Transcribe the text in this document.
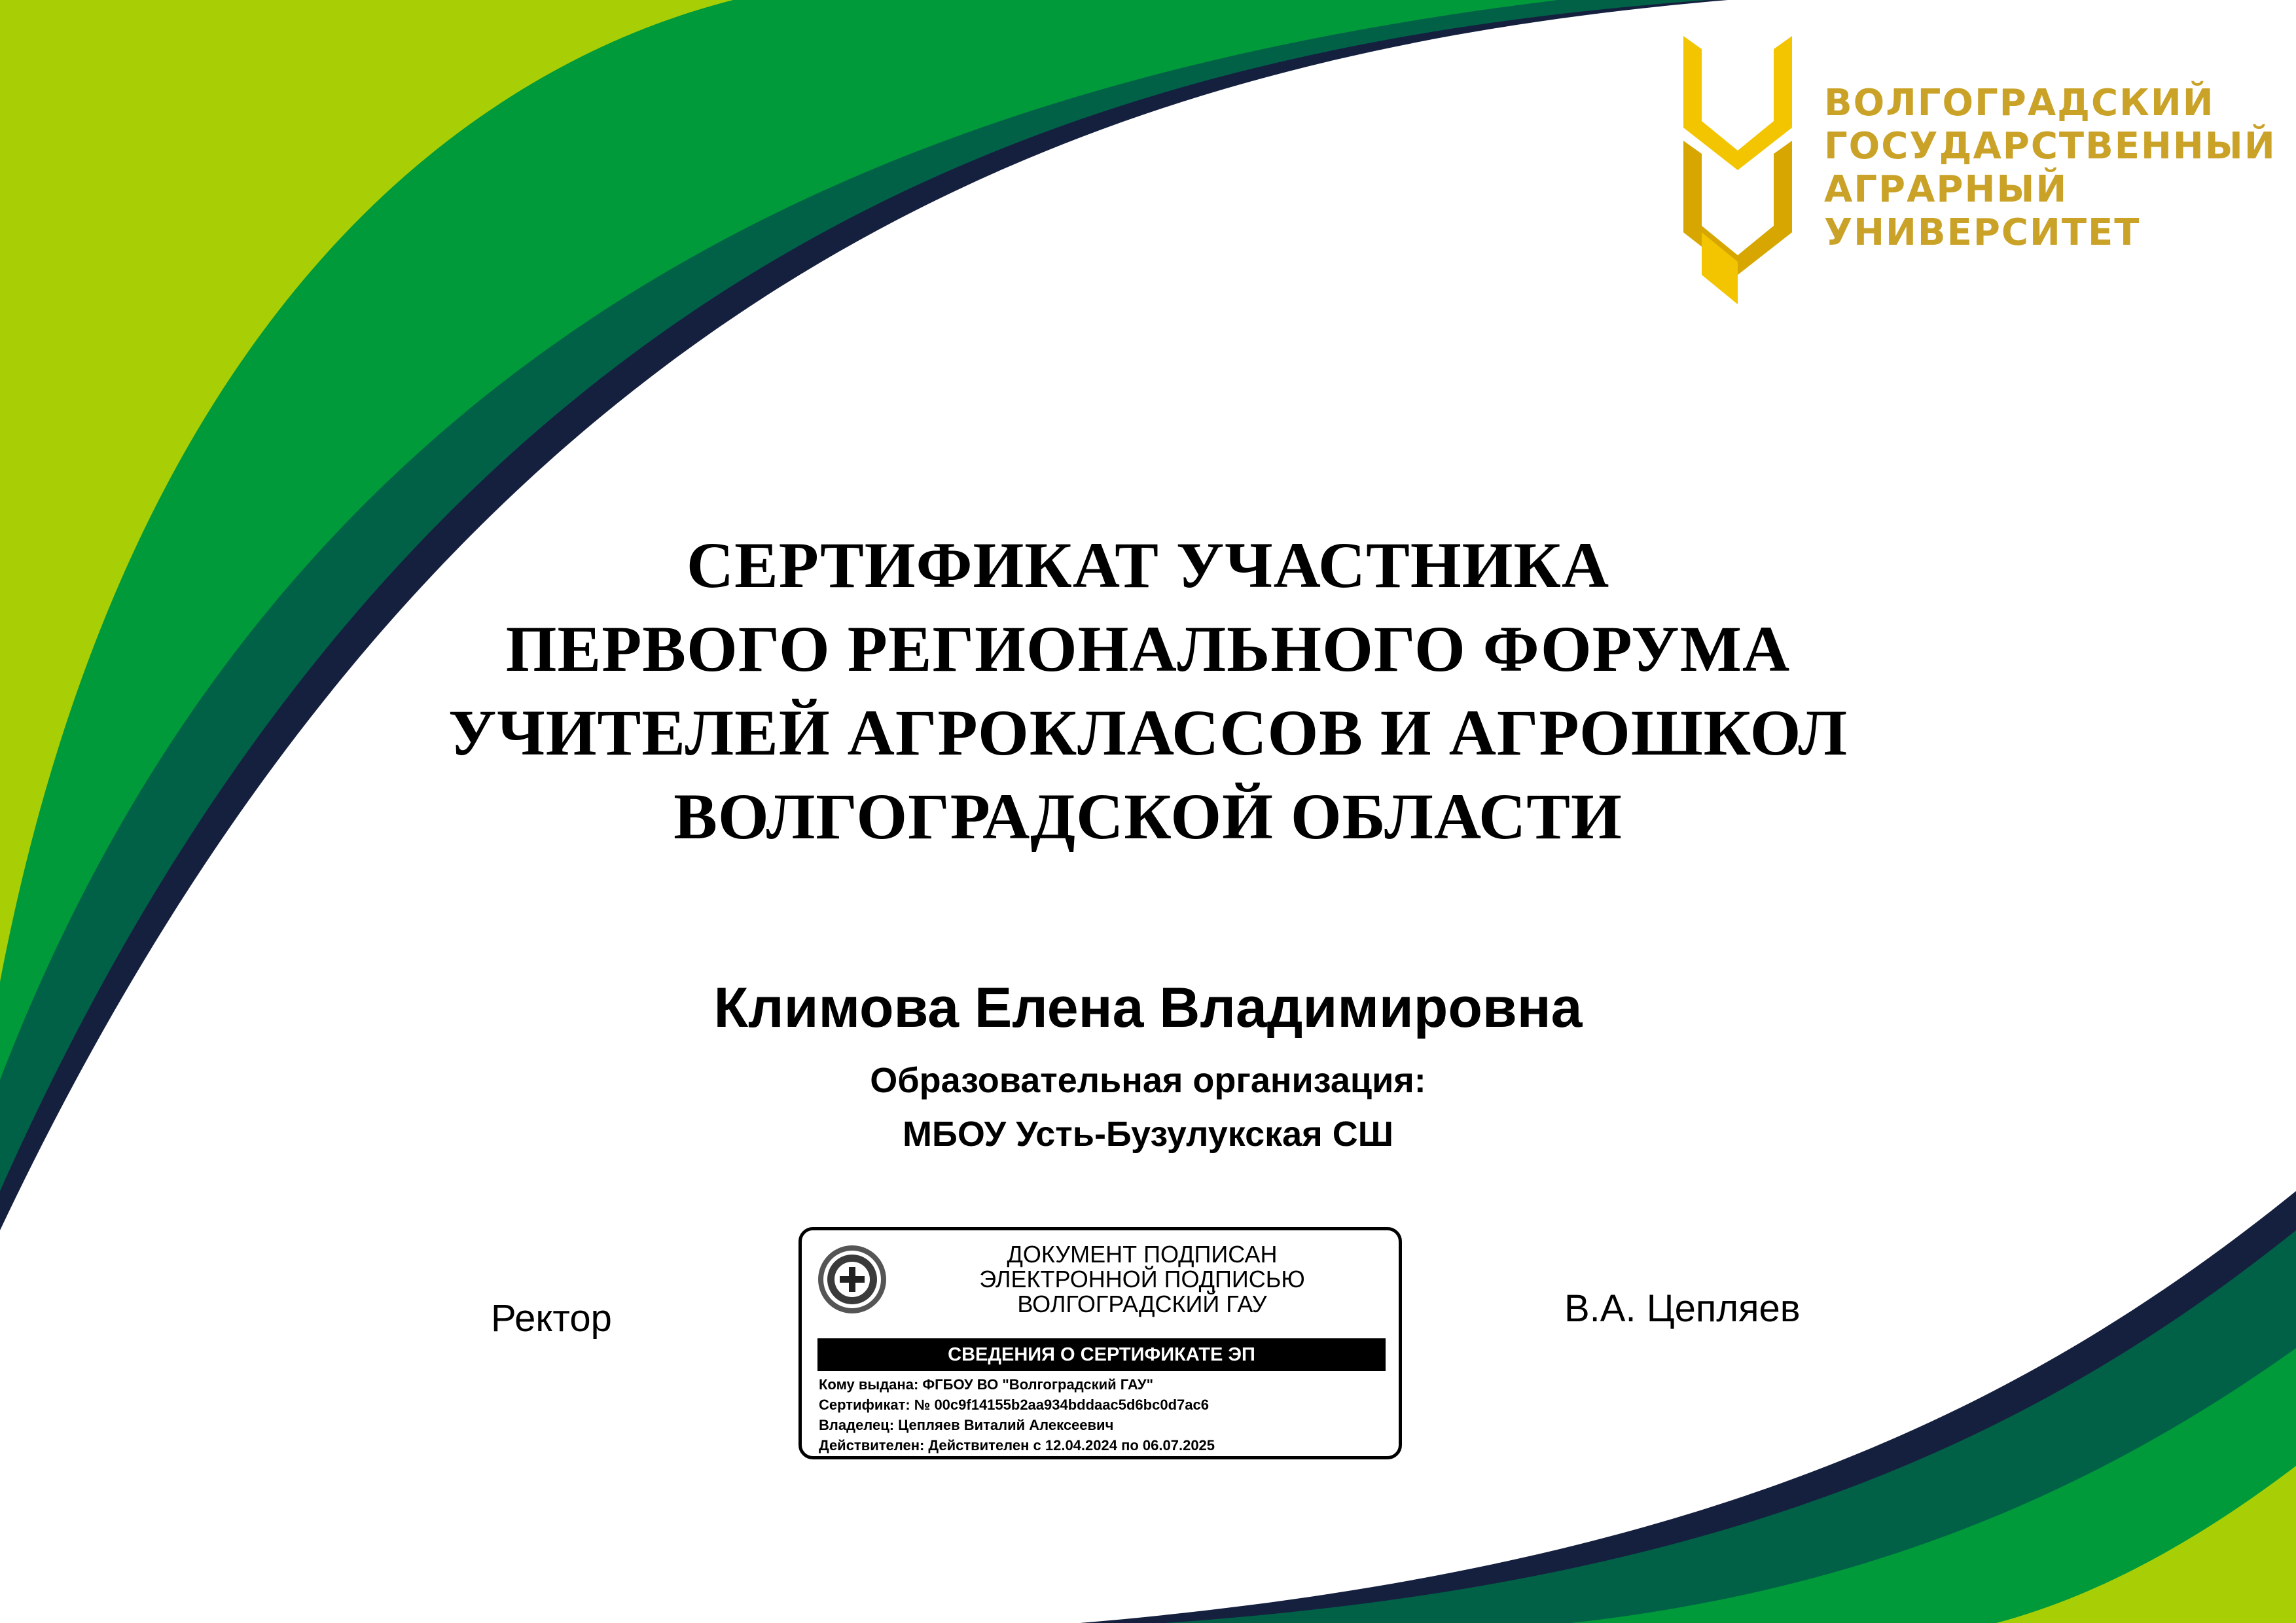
ВОЛГОГРАДСКИЙ
ГОСУДАРСТВЕННЫЙ
АГРАРНЫЙ
УНИВЕРСИТЕТ
СЕРТИФИКАТ УЧАСТНИКА
ПЕРВОГО РЕГИОНАЛЬНОГО ФОРУМА
УЧИТЕЛЕЙ АГРОКЛАССОВ И АГРОШКОЛ
ВОЛГОГРАДСКОЙ ОБЛАСТИ
Климова Елена Владимировна
Образовательная организация:
МБОУ Усть-Бузулукская СШ
Ректор	В.А. Цепляев
ДОКУМЕНТ ПОДПИСАН
ЭЛЕКТРОННОЙ ПОДПИСЬЮ
ВОЛГОГРАДСКИЙ ГАУ
СВЕДЕНИЯ О СЕРТИФИКАТЕ ЭП
Кому выдана: ФГБОУ ВО "Волгоградский ГАУ"
Сертификат: № 00c9f14155b2aa934bddaac5d6bc0d7ac6
Владелец: Цепляев Виталий Алексеевич
Действителен: Действителен с 12.04.2024 по 06.07.2025
